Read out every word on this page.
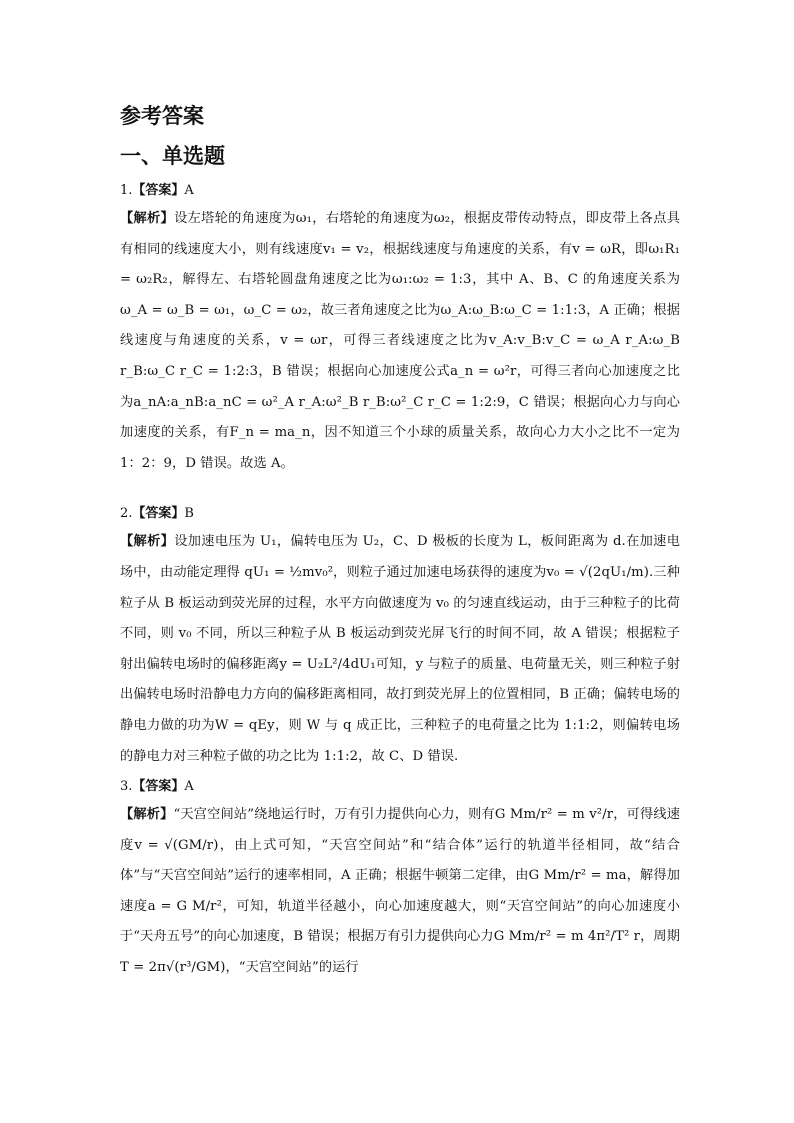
参考答案
一、单选题

1.【答案】A

【解析】设左塔轮的角速度为ω₁，右塔轮的角速度为ω₂，根据皮带传动特点，即皮带上各点具有相同的线速度大小，则有线速度v₁ = v₂，根据线速度与角速度的关系，有v = ωR，即ω₁R₁ = ω₂R₂，解得左、右塔轮圆盘角速度之比为ω₁:ω₂ = 1:3，其中 A、B、C 的角速度关系为ω_A = ω_B = ω₁，ω_C = ω₂，故三者角速度之比为ω_A:ω_B:ω_C = 1:1:3，A 正确；根据线速度与角速度的关系，v = ωr，可得三者线速度之比为v_A:v_B:v_C = ω_A r_A:ω_B r_B:ω_C r_C = 1:2:3，B 错误；根据向心加速度公式a_n = ω²r，可得三者向心加速度之比为a_nA:a_nB:a_nC = ω²_A r_A:ω²_B r_B:ω²_C r_C = 1:2:9，C 错误；根据向心力与向心加速度的关系，有F_n = ma_n，因不知道三个小球的质量关系，故向心力大小之比不一定为 1：2：9，D 错误。故选 A。

2.【答案】B

【解析】设加速电压为 U₁，偏转电压为 U₂，C、D 极板的长度为 L，板间距离为 d.在加速电场中，由动能定理得 qU₁ = ½mv₀²，则粒子通过加速电场获得的速度为v₀ = √(2qU₁/m).三种粒子从 B 板运动到荧光屏的过程，水平方向做速度为 v₀ 的匀速直线运动，由于三种粒子的比荷不同，则 v₀ 不同，所以三种粒子从 B 板运动到荧光屏飞行的时间不同，故 A 错误；根据粒子射出偏转电场时的偏移距离y = U₂L²/4dU₁可知，y 与粒子的质量、电荷量无关，则三种粒子射出偏转电场时沿静电力方向的偏移距离相同，故打到荧光屏上的位置相同，B 正确；偏转电场的静电力做的功为W = qEy，则 W 与 q 成正比，三种粒子的电荷量之比为 1:1:2，则偏转电场的静电力对三种粒子做的功之比为 1:1:2，故 C、D 错误.

3.【答案】A

【解析】“天宫空间站”绕地运行时，万有引力提供向心力，则有G Mm/r² = m v²/r，可得线速度v = √(GM/r)，由上式可知，“天宫空间站”和“结合体”运行的轨道半径相同，故“结合体”与“天宫空间站”运行的速率相同，A 正确；根据牛顿第二定律，由G Mm/r² = ma，解得加速度a = G M/r²，可知，轨道半径越小，向心加速度越大，则“天宫空间站”的向心加速度小于“天舟五号”的向心加速度，B 错误；根据万有引力提供向心力G Mm/r² = m 4π²/T² r，周期T = 2π√(r³/GM)，“天宫空间站”的运行
